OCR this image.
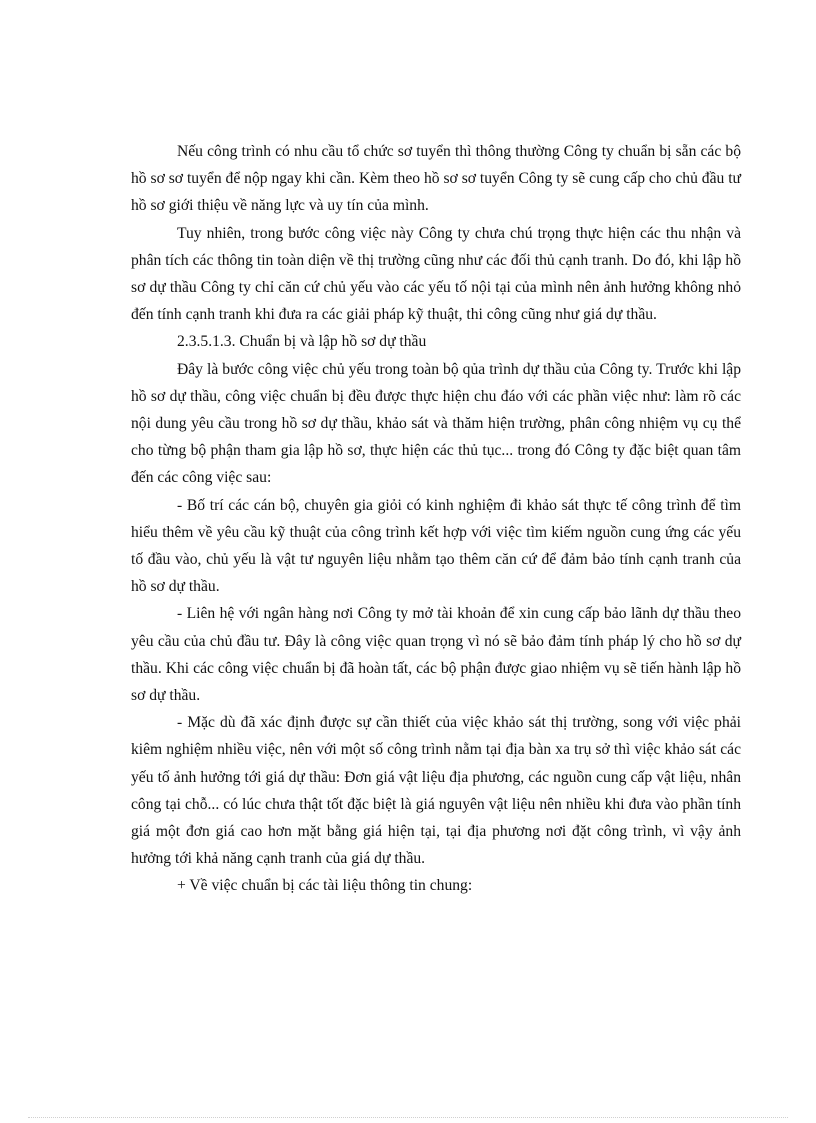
Nếu công trình có nhu cầu tổ chức sơ tuyển thì thông thường Công ty chuẩn bị sẵn các bộ hồ sơ sơ tuyển để nộp ngay khi cần. Kèm theo hồ sơ sơ tuyển Công ty sẽ cung cấp cho chủ đầu tư hồ sơ giới thiệu về năng lực và uy tín của mình.

Tuy nhiên, trong bước công việc này Công ty chưa chú trọng thực hiện các thu nhận và phân tích các thông tin toàn diện về thị trường cũng như các đối thủ cạnh tranh. Do đó, khi lập hồ sơ dự thầu Công ty chỉ căn cứ chủ yếu vào các yếu tố nội tại của mình nên ảnh hưởng không nhỏ đến tính cạnh tranh khi đưa ra các giải pháp kỹ thuật, thi công cũng như giá dự thầu.

2.3.5.1.3. Chuẩn bị và lập hồ sơ dự thầu

Đây là bước công việc chủ yếu trong toàn bộ qủa trình dự thầu của Công ty. Trước khi lập hồ sơ dự thầu, công việc chuẩn bị đều được thực hiện chu đáo với các phần việc như: làm rõ các nội dung yêu cầu trong hồ sơ dự thầu, khảo sát và thăm hiện trường, phân công nhiệm vụ cụ thể cho từng bộ phận tham gia lập hồ sơ, thực hiện các thủ tục... trong đó Công ty đặc biệt quan tâm đến các công việc sau:

- Bố trí các cán bộ, chuyên gia giỏi có kinh nghiệm đi khảo sát thực tế công trình để tìm hiểu thêm về yêu cầu kỹ thuật của công trình kết hợp với việc tìm kiếm nguồn cung ứng các yếu tố đầu vào, chủ yếu là vật tư nguyên liệu nhằm tạo thêm căn cứ để đảm bảo tính cạnh tranh của hồ sơ dự thầu.

- Liên hệ với ngân hàng nơi Công ty mở tài khoản để xin cung cấp bảo lãnh dự thầu theo yêu cầu của chủ đầu tư. Đây là công việc quan trọng vì nó sẽ bảo đảm tính pháp lý cho hồ sơ dự thầu. Khi các công việc chuẩn bị đã hoàn tất, các bộ phận được giao nhiệm vụ sẽ tiến hành lập hồ sơ dự thầu.

- Mặc dù đã xác định được sự cần thiết của việc khảo sát thị trường, song với việc phải kiêm nghiệm nhiều việc, nên với một số công trình nằm tại địa bàn xa trụ sở thì việc khảo sát các yếu tố ảnh hưởng tới giá dự thầu: Đơn giá vật liệu địa phương, các nguồn cung cấp vật liệu, nhân công tại chỗ... có lúc chưa thật tốt đặc biệt là giá nguyên vật liệu nên nhiều khi đưa vào phần tính giá một đơn giá cao hơn mặt bằng giá hiện tại, tại địa phương nơi đặt công trình, vì vậy ảnh hưởng tới khả năng cạnh tranh của giá dự thầu.

+ Về việc chuẩn bị các tài liệu thông tin chung:
